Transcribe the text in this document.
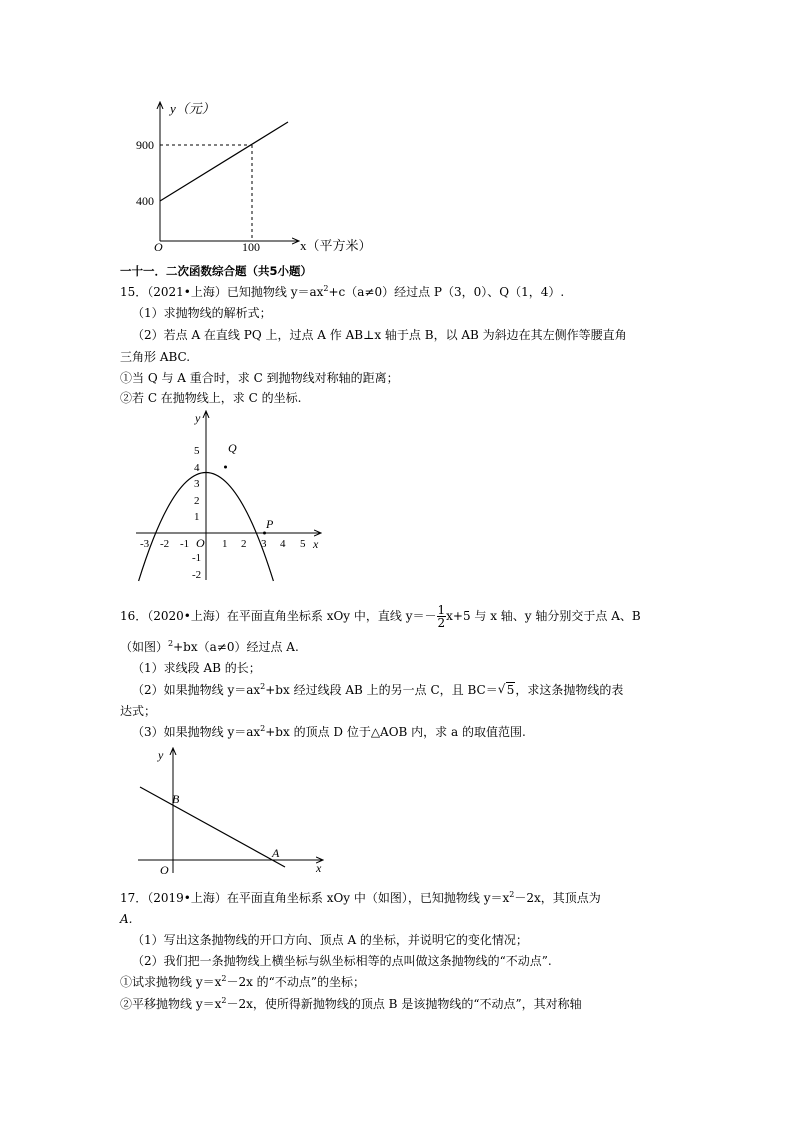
y（元）
x（平方米）
O
900
400
100
一十一．二次函数综合题（共5小题）
15．（2021•上海）已知抛物线 $y=ax^2+c(a\ne 0)$经过点 P（3，0）、Q（1，4）.
（1）求抛物线的解析式；
（2）若点 A 在直线 PQ 上，过点 A 作 AB⊥x 轴于点 B，以 AB 为斜边在其左侧作等腰直角
三角形 ABC.
①当 Q 与 A 重合时，求 C 到抛物线对称轴的距离；
②若 C 在抛物线上，求 C 的坐标.
Q
P
y
x
O
-3 -2 -1	1 2 3 4 5
5
4
3
2
1
-1
-2
16．（2020•上海）在平面直角坐标系 xOy 中，直线 $y=- \frac{1}{2} x+5$ 与 x 轴、y 轴分别交于点 A、B
（如图）$^2$+bx（a≠0）经过点 A.
（1）求线段 AB 的长；
（2）如果抛物线 $y=ax^2+bx$ 经过线段 AB 上的另一点 C，且 BC＝ √ 5，求这条抛物线的表
达式；
（3）如果抛物线 $y=ax^2+bx$ 的顶点 D 位于△AOB 内，求 a 的取值范围.
y
x
O
B
A
17．（2019•上海）在平面直角坐标系 xOy 中（如图），已知抛物线 $y=x^2-2x$，其顶点为
A.
（1）写出这条抛物线的开口方向、顶点 A 的坐标，并说明它的变化情况；
（2）我们把一条抛物线上横坐标与纵坐标相等的点叫做这条抛物线的“不动点”.
①试求抛物线 $y=x^2-2x$ 的“不动点”的坐标；
②平移抛物线 $y=x^2-2x$，使所得新抛物线的顶点 B 是该抛物线的“不动点”，其对称轴
